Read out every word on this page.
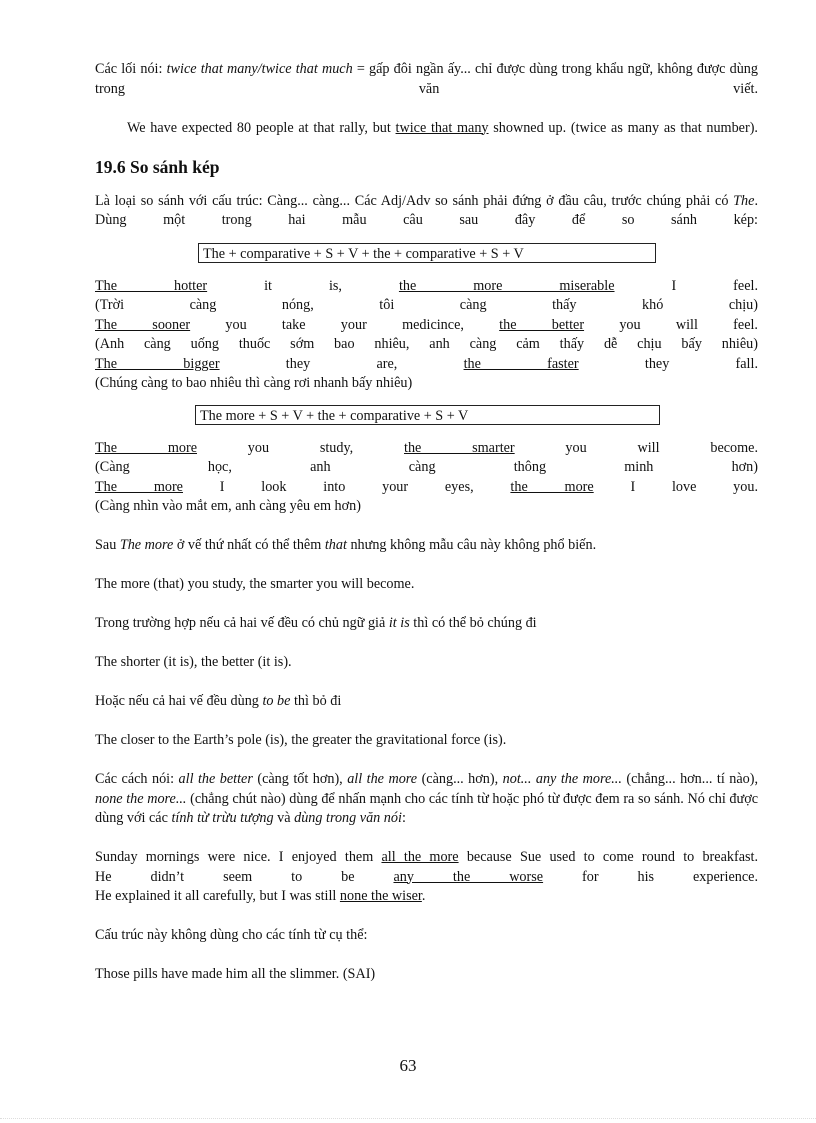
Các lối nói: twice that many/twice that much = gấp đôi ngần ấy... chỉ được dùng trong khẩu ngữ, không được dùng trong văn viết.

We have expected 80 people at that rally, but twice that many showned up. (twice as many as that number).

19.6 So sánh kép

Là loại so sánh với cấu trúc: Càng... càng... Các Adj/Adv so sánh phải đứng ở đầu câu, trước chúng phải có The. Dùng một trong hai mẫu câu sau đây để so sánh kép:

The + comparative + S + V + the + comparative + S + V

The hotter it is, the more miserable I feel.

(Trời càng nóng, tôi càng thấy khó chịu)

The sooner you take your medicince, the better you will feel.

(Anh càng uống thuốc sớm bao nhiêu, anh càng cảm thấy dễ chịu bấy nhiêu)

The bigger they are, the faster they fall.

(Chúng càng to bao nhiêu thì càng rơi nhanh bấy nhiêu)

The more + S + V + the + comparative + S + V

The more you study, the smarter you will become.

(Càng học, anh càng thông minh hơn)

The more I look into your eyes, the more I love you.

(Càng nhìn vào mắt em, anh càng yêu em hơn)

Sau The more ở vế thứ nhất có thể thêm that nhưng không mẫu câu này không phổ biến.

The more (that) you study, the smarter you will become.

Trong trường hợp nếu cả hai vế đều có chủ ngữ giả it is thì có thể bỏ chúng đi

The shorter (it is), the better (it is).

Hoặc nếu cả hai vế đều dùng to be thì bỏ đi

The closer to the Earth’s pole (is), the greater the gravitational force (is).

Các cách nói: all the better (càng tốt hơn), all the more (càng... hơn), not... any the more... (chẳng... hơn... tí nào), none the more... (chẳng chút nào) dùng để nhấn mạnh cho các tính từ hoặc phó từ được đem ra so sánh. Nó chỉ được dùng với các tính từ trừu tượng và dùng trong văn nói:

Sunday mornings were nice. I enjoyed them all the more because Sue used to come round to breakfast.

He didn’t seem to be any the worse for his experience.

He explained it all carefully, but I was still none the wiser.

Cấu trúc này không dùng cho các tính từ cụ thể:

Those pills have made him all the slimmer. (SAI)

63
